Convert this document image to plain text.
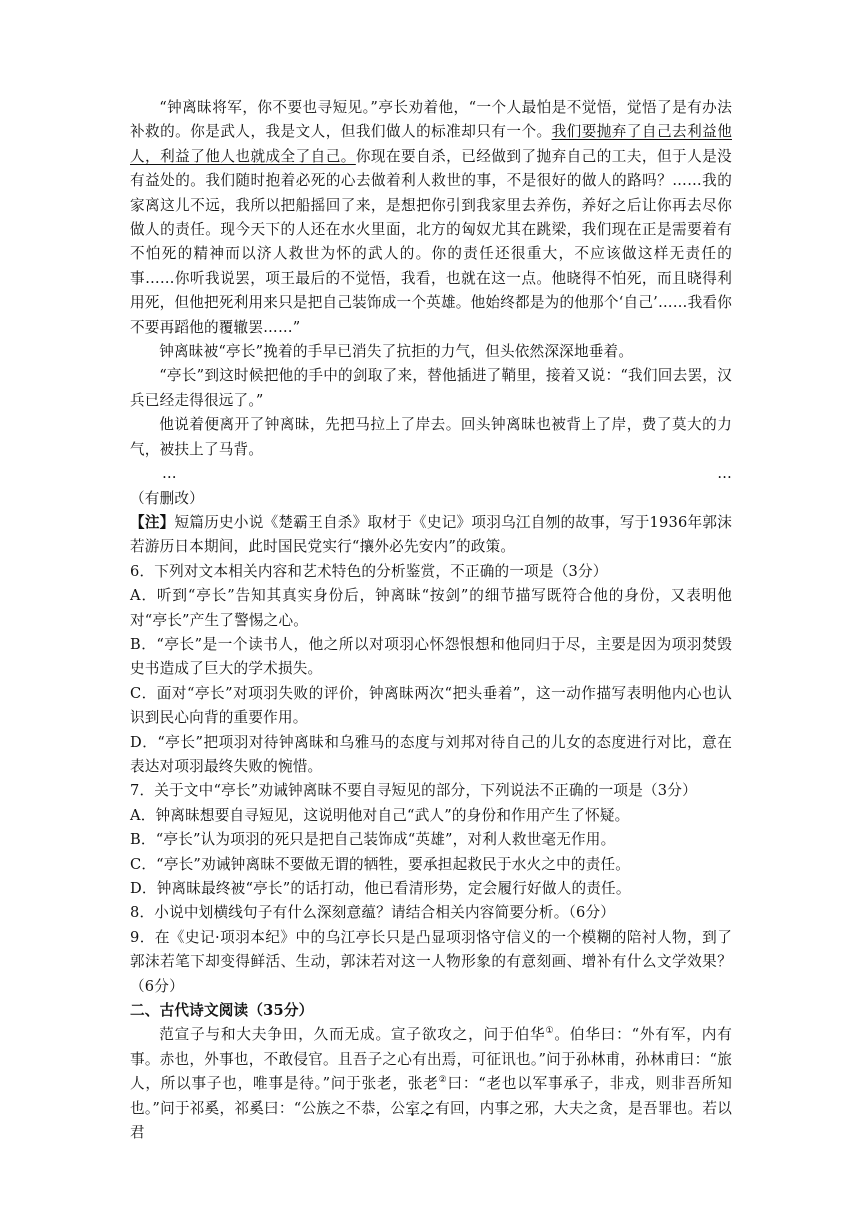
“钟离昧将军，你不要也寻短见。”亭长劝着他，“一个人最怕是不觉悟，觉悟了是有办法补救的。你是武人，我是文人，但我们做人的标准却只有一个。我们要抛弃了自己去利益他人，利益了他人也就成全了自己。你现在要自杀，已经做到了抛弃自己的工夫，但于人是没有益处的。我们随时抱着必死的心去做着利人救世的事，不是很好的做人的路吗？……我的家离这儿不远，我所以把船摇回了来，是想把你引到我家里去养伤，养好之后让你再去尽你做人的责任。现今天下的人还在水火里面，北方的匈奴尤其在跳梁，我们现在正是需要着有不怕死的精神而以济人救世为怀的武人的。你的责任还很重大，不应该做这样无责任的事……你听我说罢，项王最后的不觉悟，我看，也就在这一点。他晓得不怕死，而且晓得利用死，但他把死利用来只是把自己装饰成一个英雄。他始终都是为的他那个‘自己’……我看你不要再蹈他的覆辙罢……”

钟离昧被“亭长”挽着的手早已消失了抗拒的力气，但头依然深深地垂着。

“亭长”到这时候把他的手中的剑取了来，替他插进了鞘里，接着又说：“我们回去罢，汉兵已经走得很远了。”

他说着便离开了钟离昧，先把马拉上了岸去。回头钟离昧也被背上了岸，费了莫大的力气，被扶上了马背。

…	…

（有删改）

【注】短篇历史小说《楚霸王自杀》取材于《史记》项羽乌江自刎的故事，写于1936年郭沫若游历日本期间，此时国民党实行“攘外必先安内”的政策。

6．下列对文本相关内容和艺术特色的分析鉴赏，不正确的一项是（3分）

A．听到“亭长”告知其真实身份后，钟离昧“按剑”的细节描写既符合他的身份，又表明他对“亭长”产生了警惕之心。

B．“亭长”是一个读书人，他之所以对项羽心怀怨恨想和他同归于尽，主要是因为项羽焚毁史书造成了巨大的学术损失。

C．面对“亭长”对项羽失败的评价，钟离昧两次“把头垂着”，这一动作描写表明他内心也认识到民心向背的重要作用。

D．“亭长”把项羽对待钟离昧和乌雅马的态度与刘邦对待自己的儿女的态度进行对比，意在表达对项羽最终失败的惋惜。

7．关于文中“亭长”劝诫钟离昧不要自寻短见的部分，下列说法不正确的一项是（3分）

A．钟离昧想要自寻短见，这说明他对自己“武人”的身份和作用产生了怀疑。

B．“亭长”认为项羽的死只是把自己装饰成“英雄”，对利人救世毫无作用。

C．“亭长”劝诫钟离昧不要做无谓的牺牲，要承担起救民于水火之中的责任。

D．钟离昧最终被“亭长”的话打动，他已看清形势，定会履行好做人的责任。

8．小说中划横线句子有什么深刻意蕴？请结合相关内容简要分析。（6分）

9．在《史记·项羽本纪》中的乌江亭长只是凸显项羽恪守信义的一个模糊的陪衬人物，到了郭沫若笔下却变得鲜活、生动，郭沫若对这一人物形象的有意刻画、增补有什么文学效果？（6分）

二、古代诗文阅读（35分）

范宣子与和大夫争田，久而无成。宣子欲攻之，问于伯华①。伯华曰：“外有军，内有事。赤也，外事也，不敢侵官。且吾子之心有出焉，可征讯也。”问于孙林甫，孙林甫曰：“旅人，所以事子也，唯事是待。”问于张老，张老②曰：“老也以军事承子，非戎，则非吾所知也。”问于祁奚，祁奚曰：“公族之不恭，公室之有回，内事之邪，大夫之贪，是吾罪也。若以君
